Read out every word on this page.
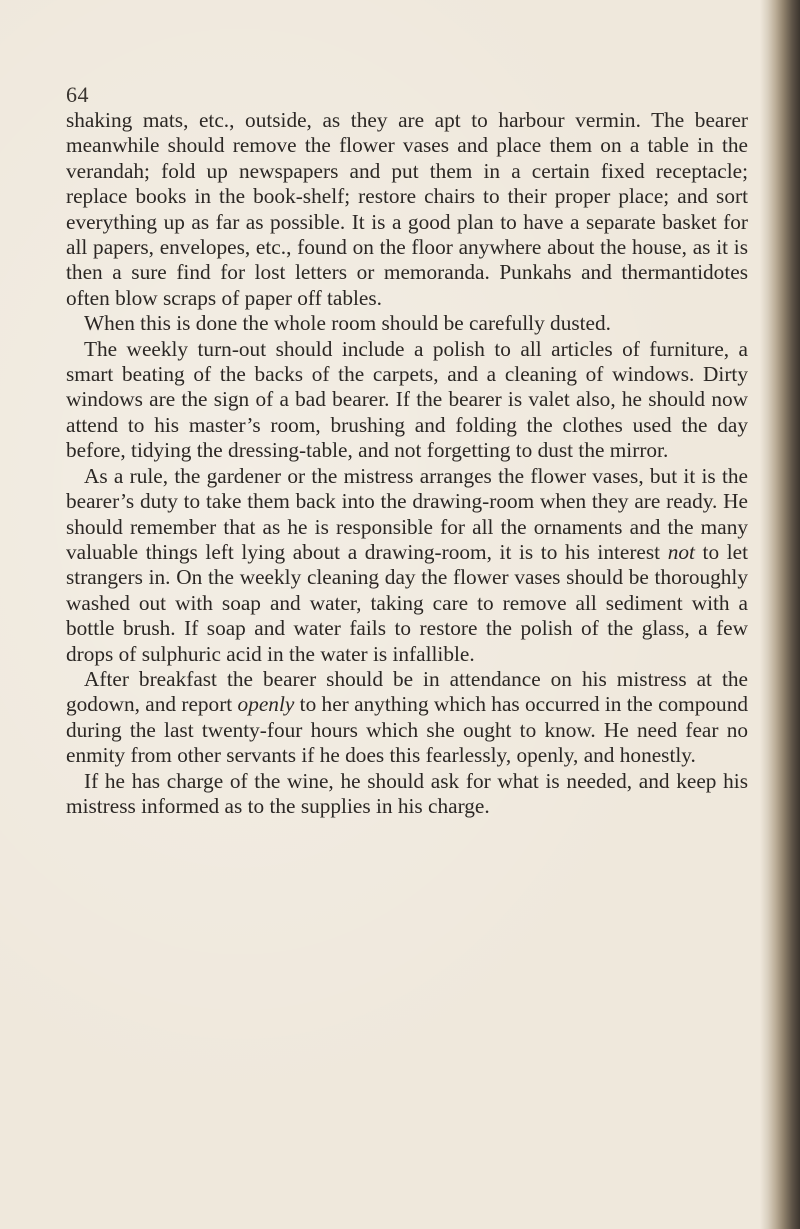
64

shaking mats, etc., outside, as they are apt to harbour vermin. The bearer meanwhile should remove the flower vases and place them on a table in the verandah; fold up newspapers and put them in a certain fixed receptacle; replace books in the book-shelf; restore chairs to their proper place; and sort everything up as far as possible. It is a good plan to have a separate basket for all papers, envelopes, etc., found on the floor anywhere about the house, as it is then a sure find for lost letters or memoranda. Punkahs and thermantidotes often blow scraps of paper off tables.

When this is done the whole room should be carefully dusted.

The weekly turn-out should include a polish to all articles of furniture, a smart beating of the backs of the carpets, and a cleaning of windows. Dirty windows are the sign of a bad bearer. If the bearer is valet also, he should now attend to his master’s room, brushing and folding the clothes used the day before, tidying the dressing-table, and not forgetting to dust the mirror.

As a rule, the gardener or the mistress arranges the flower vases, but it is the bearer’s duty to take them back into the drawing-room when they are ready. He should remember that as he is responsible for all the ornaments and the many valuable things left lying about a drawing-room, it is to his interest not to let strangers in. On the weekly cleaning day the flower vases should be thoroughly washed out with soap and water, taking care to remove all sediment with a bottle brush. If soap and water fails to restore the polish of the glass, a few drops of sulphuric acid in the water is infallible.

After breakfast the bearer should be in attendance on his mistress at the godown, and report openly to her anything which has occurred in the compound during the last twenty-four hours which she ought to know. He need fear no enmity from other servants if he does this fearlessly, openly, and honestly.

If he has charge of the wine, he should ask for what is needed, and keep his mistress informed as to the supplies in his charge.
